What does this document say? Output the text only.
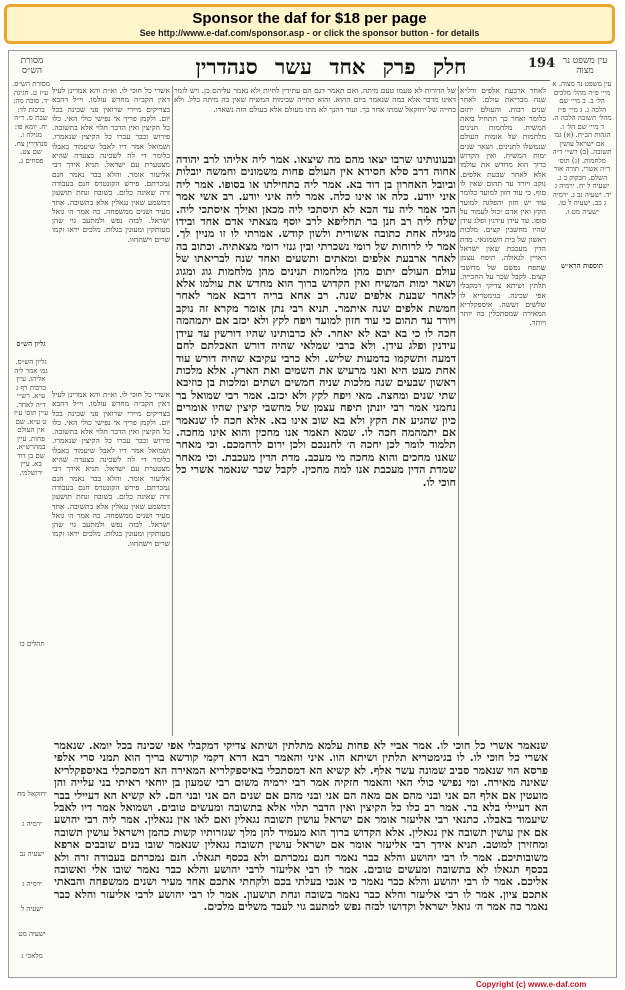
Sponsor the daf for $18 per page
See http://www.e-daf.com/sponsor.asp - or click the sponsor button - for details
194 עין משפט נר מצוה
מסורת הש״ס	חלק פרק אחד עשר סנהדרין
של הדורות לא טעמו טעם מיתה. ואם תאמר דגם הם עתידין לחיות ולא נאמר עליהם כן. ויש לומר דאינו מדבר אלא במה שנאמר ביום ההוא. והוא תחייה שבימות המשיח שאין בה מיתה כלל. ולא כחייה של יחזקאל שמתו אחר כך. ועוד דהנך לא מתו מעולם אלא בעולם הזה נשארו.
אשרי כל חוכי לו. וא״ת והא אמרינן לעיל דאין הקב״ה מחדש עולמו. וי״ל דהכא בצדיקים מיירי שרואין פני שכינה בכל יום. ולקמן פריך אי נפישי כולי האי. כלו כל הקיצין ואין הדבר תלוי אלא בתשובה. פירוש וכבר עברו כל הקיצין שנאמרו. ושמואל אמר דיו לאבל שיעמוד באבלו כלומר די לה לשכינה בצערה שהיא מצטערת עם ישראל. תניא אידך רבי אליעזר אומר. והלא כבר נאמר חנם נמכרתם. פירש הקונטרס חנם בעבודה זרה שאינה כלום. בשובה ונחת תושעון דמשמע שאין נגאלין אלא בתשובה. אחד מעיר ושנים ממשפחה. כה אמר ה׳ גואל ישראל. לבזה נפש ולמתעב גוי שהן מעותקין ומעונין בגלות. מלכים יראו וקמו שרים וישתחוו.
אשרי כל חוכי לו. וא״ת והא אמרינן לעיל דאין הקב״ה מחדש עולמו. וי״ל דהכא בצדיקים מיירי שרואין פני שכינה בכל יום. ולקמן פריך אי נפישי כולי האי. כלו כל הקיצין ואין הדבר תלוי אלא בתשובה. פירוש וכבר עברו כל הקיצין שנאמרו. ושמואל אמר דיו לאבל שיעמוד באבלו כלומר די לה לשכינה בצערה שהיא מצטערת עם ישראל. תניא אידך רבי אליעזר אומר. והלא כבר נאמר חנם נמכרתם. פירש הקונטרס חנם בעבודה זרה שאינה כלום. בשובה ונחת תושעון דמשמע שאין נגאלין אלא בתשובה. אחד מעיר ושנים ממשפחה. כה אמר ה׳ גואל ישראל. לבזה נפש ולמתעב גוי שהן מעותקין ומעונין בגלות. מלכים יראו וקמו שרים וישתחוו.
לאחר ארבעת אלפים ורל״א שנה מבריאת עולם. לאחר שנים רבות. והעולם יתום כלומר ואחר כך תתחיל ביאת המשיח. מלחמות תנינים מלחמות של אומות העולם שנמשלו לתנינים. ושאר שנים ימות המשיח. ואין הקדוש ברוך הוא מחדש את עולמו אלא לאחר שבעת אלפים. נוקב ויורד עד תהום שאין לו סוף. כי עוד חזון למועד כלומר עוד יש חזון והפלגה למועד הקץ ואין אדם יכול לעמוד על סופו. עד עידן עידנין ופלג עידן שהיו מחשבין קצים. מלכות ראשון של בית חשמונאי. מדת הדין מעכבת שאין ישראל ראויין לגאולה. תיפח עצמן שתפח נפשם של מחשבי קצים. לקבל שכר על החכייה. תלתין ושיתא צדיקי דמקבלי אפי שכינה. בגימטריא לו שלשים וששה. איספקלריא המאירה שמסתכלין בה יותר ויותר.
ובעונותינו שרבו יצאו מהם מה שיצאו. אמר ליה אליהו לרב יהודה אחוה דרב סלא חסידא אין העולם פחות משמונים וחמשה יובלות וביובל האחרון בן דוד בא. אמר ליה בתחילתו או בסופו. אמר ליה איני יודע. כלה או אינו כלה. אמר ליה איני יודע. רב אשי אמר הכי אמר ליה עד הכא לא תיסתכי ליה מכאן ואילך איסתכי ליה. שלח ליה רב חנן בר תחליפא לרב יוסף מצאתי אדם אחד ובידו מגילה אחת כתובה אשורית ולשון קודש. אמרתי לו זו מניין לך. אמר לי לרוחות של רומי נשכרתי ובין גנזי רומי מצאתיה. וכתוב בה לאחר ארבעת אלפים ומאתים ותשעים ואחד שנה לבריאתו של עולם העולם יתום מהן מלחמות תנינים מהן מלחמות גוג ומגוג ושאר ימות המשיח ואין הקדוש ברוך הוא מחדש את עולמו אלא לאחר שבעת אלפים שנה. רב אחא בריה דרבא אמר לאחר חמשת אלפים שנה איתמר. תניא רבי נתן אומר מקרא זה נוקב ויורד עד תהום כי עוד חזון למועד ויפח לקץ ולא יכזב אם יתמהמה חכה לו כי בא יבא לא יאחר. לא כרבותינו שהיו דורשין עד עידן עידנין ופלג עידן. ולא כרבי שמלאי שהיה דורש האכלתם לחם דמעה ותשקמו בדמעות שליש. ולא כרבי עקיבא שהיה דורש עוד אחת מעט היא ואני מרעיש את השמים ואת הארץ. אלא מלכות ראשון שבעים שנה מלכות שניה חמשים ושתים ומלכות בן כוזיבא שתי שנים ומחצה. מאי ויפח לקץ ולא יכזב. אמר רבי שמואל בר נחמני אמר רבי יונתן תיפח עצמן של מחשבי קיצין שהיו אומרים כיון שהגיע את הקץ ולא בא שוב אינו בא. אלא חכה לו שנאמר אם יתמהמה חכה לו. שמא תאמר אנו מחכין והוא אינו מחכה. תלמוד לומר לכן יחכה ה׳ לחננכם ולכן ירום לרחמכם. וכי מאחר שאנו מחכים והוא מחכה מי מעכב. מדת הדין מעכבת. וכי מאחר שמדת הדין מעכבת אנו למה מחכין. לקבל שכר שנאמר אשרי כל חוכי לו.
שנאמר אשרי כל חוכי לו. אמר אביי לא פחות עלמא מתלתין ושיתא צדיקי דמקבלי אפי שכינה בכל יומא. שנאמר אשרי כל חוכי לו. לו בגימטריא תלתין ושיתא הוו. איני והאמר רבא דרא דקמי קודשא בריך הוא תמני סרי אלפי פרסא הוי שנאמר סביב שמונה עשר אלף. לא קשיא הא דמסתכלי באיספקלריא המאירה הא דמסתכלי באיספקלריא שאינה מאירה. ומי נפישי כולי האי והאמר חזקיה אמר רבי ירמיה משום רבי שמעון בן יוחאי ראיתי בני עלייה והן מועטין אם אלף הם אני ובני מהם אם מאה הם אני ובני מהם אם שנים הם אני ובני הם. לא קשיא הא דעיילי בבר הא דעיילי בלא בר. אמר רב כלו כל הקיצין ואין הדבר תלוי אלא בתשובה ומעשים טובים. ושמואל אמר דיו לאבל שיעמוד באבלו. כתנאי רבי אליעזר אומר אם ישראל עושין תשובה נגאלין ואם לאו אין נגאלין. אמר ליה רבי יהושע אם אין עושין תשובה אין נגאלין. אלא הקדוש ברוך הוא מעמיד להן מלך שגזרותיו קשות כהמן וישראל עושין תשובה ומחזירן למוטב. תניא אידך רבי אליעזר אומר אם ישראל עושין תשובה נגאלין שנאמר שובו בנים שובבים ארפא משובותיכם. אמר לו רבי יהושע והלא כבר נאמר חנם נמכרתם ולא בכסף תגאלו. חנם נמכרתם בעבודה זרה ולא בכסף תגאלו לא בתשובה ומעשים טובים. אמר לו רבי אליעזר לרבי יהושע והלא כבר נאמר שובו אלי ואשובה אליכם. אמר לו רבי יהושע והלא כבר נאמר כי אנכי בעלתי בכם ולקחתי אתכם אחד מעיר ושנים ממשפחה והבאתי אתכם ציון. אמר לו רבי אליעזר והלא כבר נאמר בשובה ונחת תושעון. אמר לו רבי יהושע לרבי אליעזר והלא כבר נאמר כה אמר ה׳ גואל ישראל וקדושו לבזה נפש למתעב גוי לעבד משלים מלכים.
עין משפט נר מצוה. א מיי׳ פ״ה מהל׳ מלכים הל׳ ב. ב מיי׳ שם הלכה ג. ג מיי׳ פ״ז מהל׳ תשובה הלכה ה. ד מיי׳ שם הל׳ ו. הגהות הב״ח. (א) גמ׳ אם ישראל עושין תשובה. (ב) רש״י ד״ה מלחמות. (ג) תוס׳ ד״ה אשרי. תורה אור השלם. חבקוק ב ג. ישעיה ל יח. ירמיה ג יד. ישעיה נב ג. ירמיה ג כב. ישעיה ל טו. ישעיה מט ז.
תוספות הרא״ש
מסורת הש״ס. ע״ז ט. חגיגה יד. סוכה מה: ברכות לד: שבת ס. ר״ה יח. יומא פו: מגילה ו. סנהדרין צח. שם צט. פסחים נ.
גליון הש״ס
גליון הש״ס. גמ׳ אמר ליה אליהו. עיין ברכות דף ג ע״א. רש״י ד״ה לאחר. עיין תוס׳ ע״ז ט ע״א. שם אין העולם פחות. עיין במהרש״א. שם בן דוד בא. עיין ירושלמי.
תהלים כו
יחזקאל מח
ירמיה ג
ישעיה נב
ירמיה ג
ישעיה ל
ישעיה מט
מלאכי ג
Copyright (c) www.e-daf.com
